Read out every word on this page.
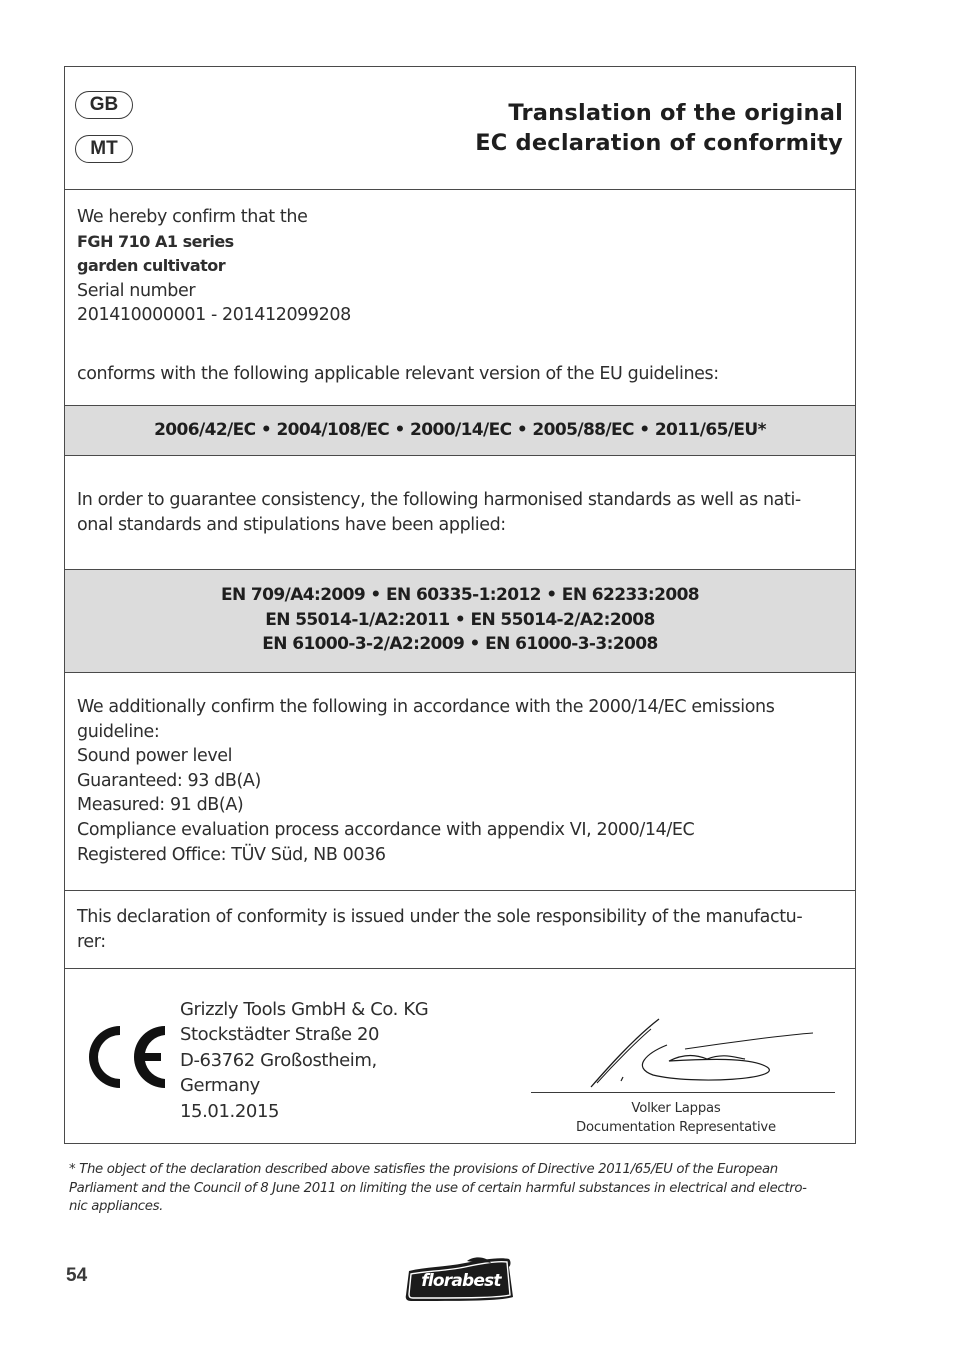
GB
MT
Translation of the original
EC declaration of conformity
We hereby confirm that the
FGH 710 A1 series
garden cultivator
Serial number
201410000001 - 201412099208
conforms with the following applicable relevant version of the EU guidelines:
2006/42/EC • 2004/108/EC • 2000/14/EC • 2005/88/EC • 2011/65/EU*
In order to guarantee consistency, the following harmonised standards as well as nati-
onal standards and stipulations have been applied:
EN 709/A4:2009 • EN 60335-1:2012 • EN 62233:2008
EN 55014-1/A2:2011 • EN 55014-2/A2:2008
EN 61000-3-2/A2:2009 • EN 61000-3-3:2008
We additionally confirm the following in accordance with the 2000/14/EC emissions
guideline:
Sound power level
Guaranteed: 93 dB(A)
Measured: 91 dB(A)
Compliance evaluation process accordance with appendix VI, 2000/14/EC
Registered Office: TÜV Süd, NB 0036
This declaration of conformity is issued under the sole responsibility of the manufactu-
rer:
Grizzly Tools GmbH & Co. KG
Stockstädter Straße 20
D-63762 Großostheim,
Germany
15.01.2015	Volker Lappas
Documentation Representative
* The object of the declaration described above satisfies the provisions of Directive 2011/65/EU of the European
Parliament and the Council of 8 June 2011 on limiting the use of certain harmful substances in electrical and electro-
nic appliances.
54	florabest
